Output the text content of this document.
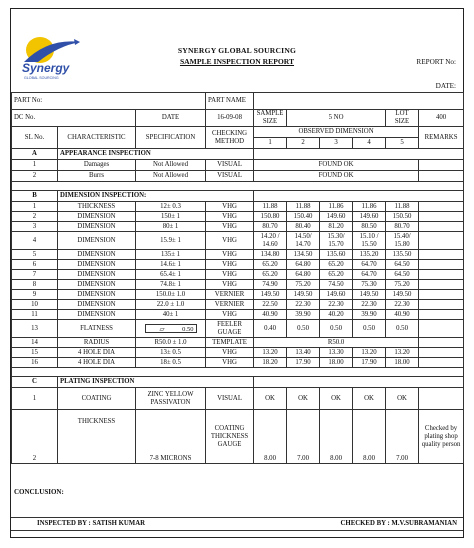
Synergy
GLOBAL SOURCING
SYNERGY GLOBAL SOURCING
SAMPLE INSPECTION REPORT	REPORT No:
DATE:
PART No:			PART NAME						
DC No.		DATE	16-09-08	SAMPLE SIZE	5 NO			LOT SIZE	400
SL No.	CHARACTERISTIC	SPECIFICATION	CHECKING METHOD	OBSERVED DIMENSION					REMARKS
				1	2	3	4	5	
A	APPEARANCE INSPECTION								
1	Damages	Not Allowed	VISUAL	FOUND OK					
2	Burrs	Not Allowed	VISUAL	FOUND OK					

B	DIMENSION INSPECTION:								
1	THICKNESS	12± 0.3	VHG	11.88	11.88	11.86	11.86	11.88	
2	DIMENSION	150± 1	VHG	150.80	150.40	149.60	149.60	150.50	
3	DIMENSION	80± 1	VHG	80.70	80.40	81.20	80.50	80.70	
4	DIMENSION	15.9± 1	VHG	14.20 / 14.60	14.50/ 14.70	15.30/ 15.70	15.10 / 15.50	15.40/ 15.80	
5	DIMENSION	135± 1	VHG	134.80	134.50	135.60	135.20	135.50	
6	DIMENSION	14.6± 1	VHG	65.20	64.80	65.20	64.70	64.50	
7	DIMENSION	65.4± 1	VHG	65.20	64.80	65.20	64.70	64.50	
8	DIMENSION	74.8± 1	VHG	74.90	75.20	74.50	75.30	75.20	
9	DIMENSION	150.0± 1.0	VERNIER	149.50	149.50	149.60	149.50	149.50	
10	DIMENSION	22.0 ± 1.0	VERNIER	22.50	22.30	22.30	22.30	22.30	
11	DIMENSION	40± 1	VHG	40.90	39.90	40.20	39.90	40.90	
13	FLATNESS	▱ 0.50	FEELER GUAGE	0.40	0.50	0.50	0.50	0.50	
14	RADIUS	R50.0 ± 1.0	TEMPLATE	R50.0					
15	4 HOLE DIA	13± 0.5	VHG	13.20	13.40	13.30	13.20	13.20	
16	4 HOLE DIA	18± 0.5	VHG	18.20	17.90	18.00	17.90	18.00	

C	PLATING INSPECTION								
1	COATING	ZINC YELLOW PASSIVATON	VISUAL	OK	OK	OK	OK	OK	
2	THICKNESS	7-8 MICRONS	COATING THICKNESS GAUGE	8.00	7.00	8.00	8.00	7.00	Checked by plating shop quality person
CONCLUSION:
INSPECTED BY : SATISH KUMAR	CHECKED BY : M.V.SUBRAMANIAN
